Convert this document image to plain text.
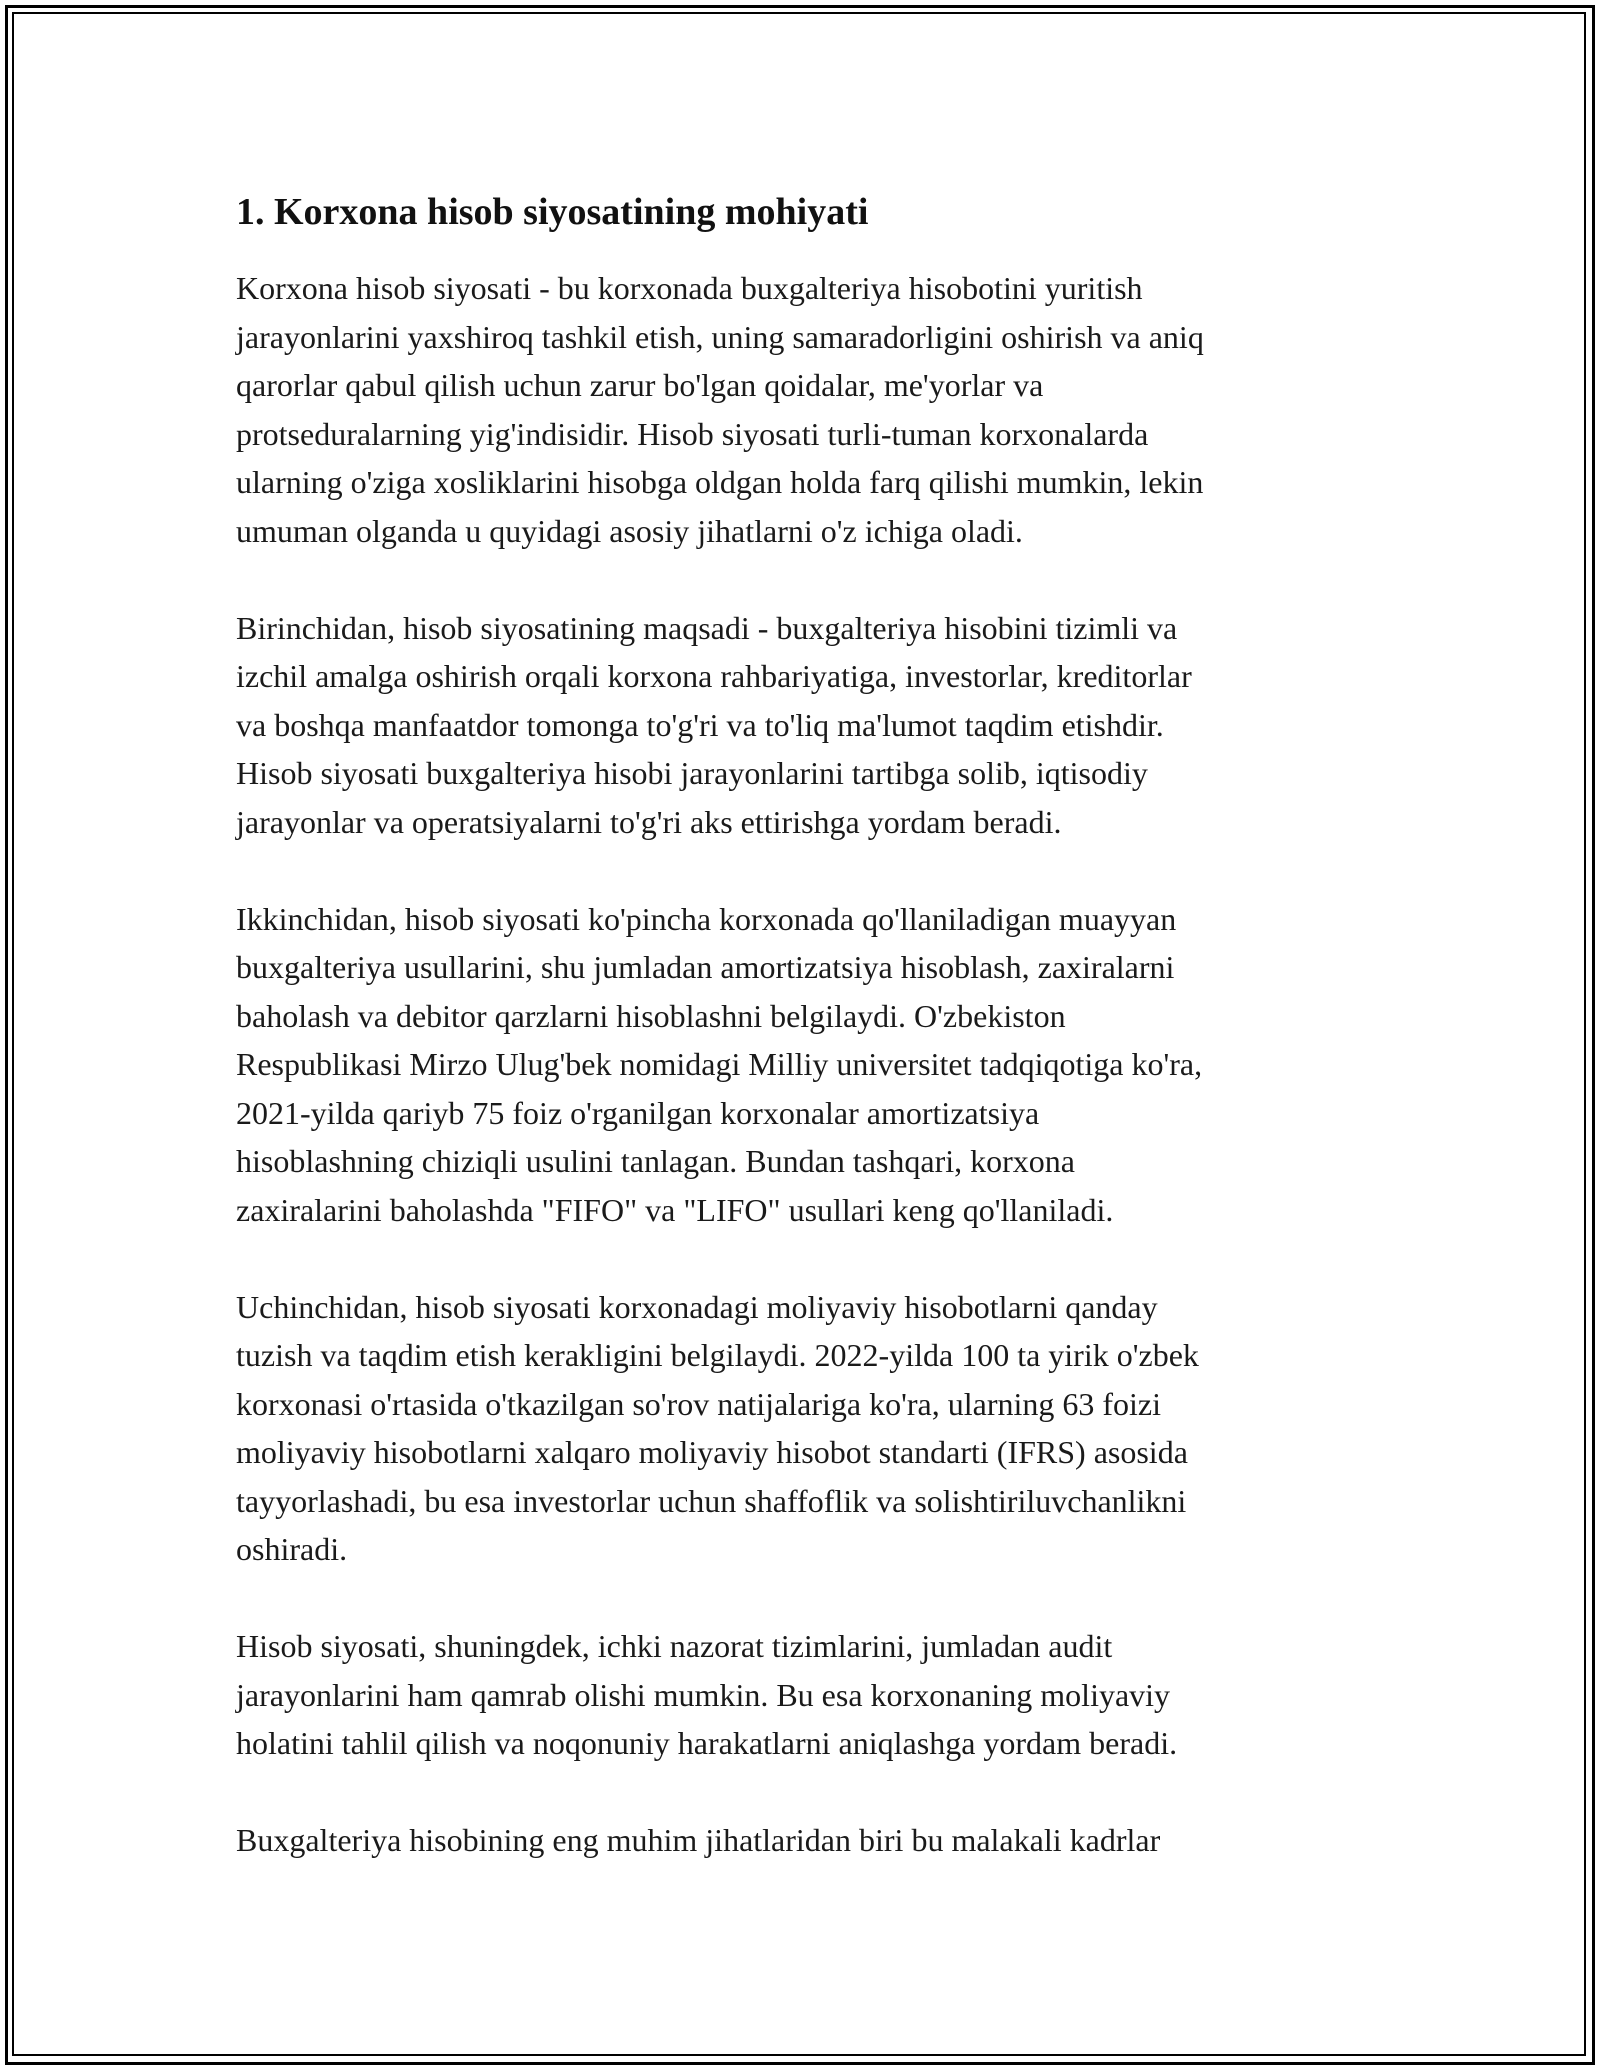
1. Korxona hisob siyosatining mohiyati
Korxona hisob siyosati - bu korxonada buxgalteriya hisobotini yuritish
jarayonlarini yaxshiroq tashkil etish, uning samaradorligini oshirish va aniq
qarorlar qabul qilish uchun zarur bo'lgan qoidalar, me'yorlar va
protseduralarning yig'indisidir. Hisob siyosati turli-tuman korxonalarda
ularning o'ziga xosliklarini hisobga oldgan holda farq qilishi mumkin, lekin
umuman olganda u quyidagi asosiy jihatlarni o'z ichiga oladi.
Birinchidan, hisob siyosatining maqsadi - buxgalteriya hisobini tizimli va
izchil amalga oshirish orqali korxona rahbariyatiga, investorlar, kreditorlar
va boshqa manfaatdor tomonga to'g'ri va to'liq ma'lumot taqdim etishdir.
Hisob siyosati buxgalteriya hisobi jarayonlarini tartibga solib, iqtisodiy
jarayonlar va operatsiyalarni to'g'ri aks ettirishga yordam beradi.
Ikkinchidan, hisob siyosati ko'pincha korxonada qo'llaniladigan muayyan
buxgalteriya usullarini, shu jumladan amortizatsiya hisoblash, zaxiralarni
baholash va debitor qarzlarni hisoblashni belgilaydi. O'zbekiston
Respublikasi Mirzo Ulug'bek nomidagi Milliy universitet tadqiqotiga ko'ra,
2021-yilda qariyb 75 foiz o'rganilgan korxonalar amortizatsiya
hisoblashning chiziqli usulini tanlagan. Bundan tashqari, korxona
zaxiralarini baholashda "FIFO" va "LIFO" usullari keng qo'llaniladi.
Uchinchidan, hisob siyosati korxonadagi moliyaviy hisobotlarni qanday
tuzish va taqdim etish kerakligini belgilaydi. 2022-yilda 100 ta yirik o'zbek
korxonasi o'rtasida o'tkazilgan so'rov natijalariga ko'ra, ularning 63 foizi
moliyaviy hisobotlarni xalqaro moliyaviy hisobot standarti (IFRS) asosida
tayyorlashadi, bu esa investorlar uchun shaffoflik va solishtiriluvchanlikni
oshiradi.
Hisob siyosati, shuningdek, ichki nazorat tizimlarini, jumladan audit
jarayonlarini ham qamrab olishi mumkin. Bu esa korxonaning moliyaviy
holatini tahlil qilish va noqonuniy harakatlarni aniqlashga yordam beradi.
Buxgalteriya hisobining eng muhim jihatlaridan biri bu malakali kadrlar
